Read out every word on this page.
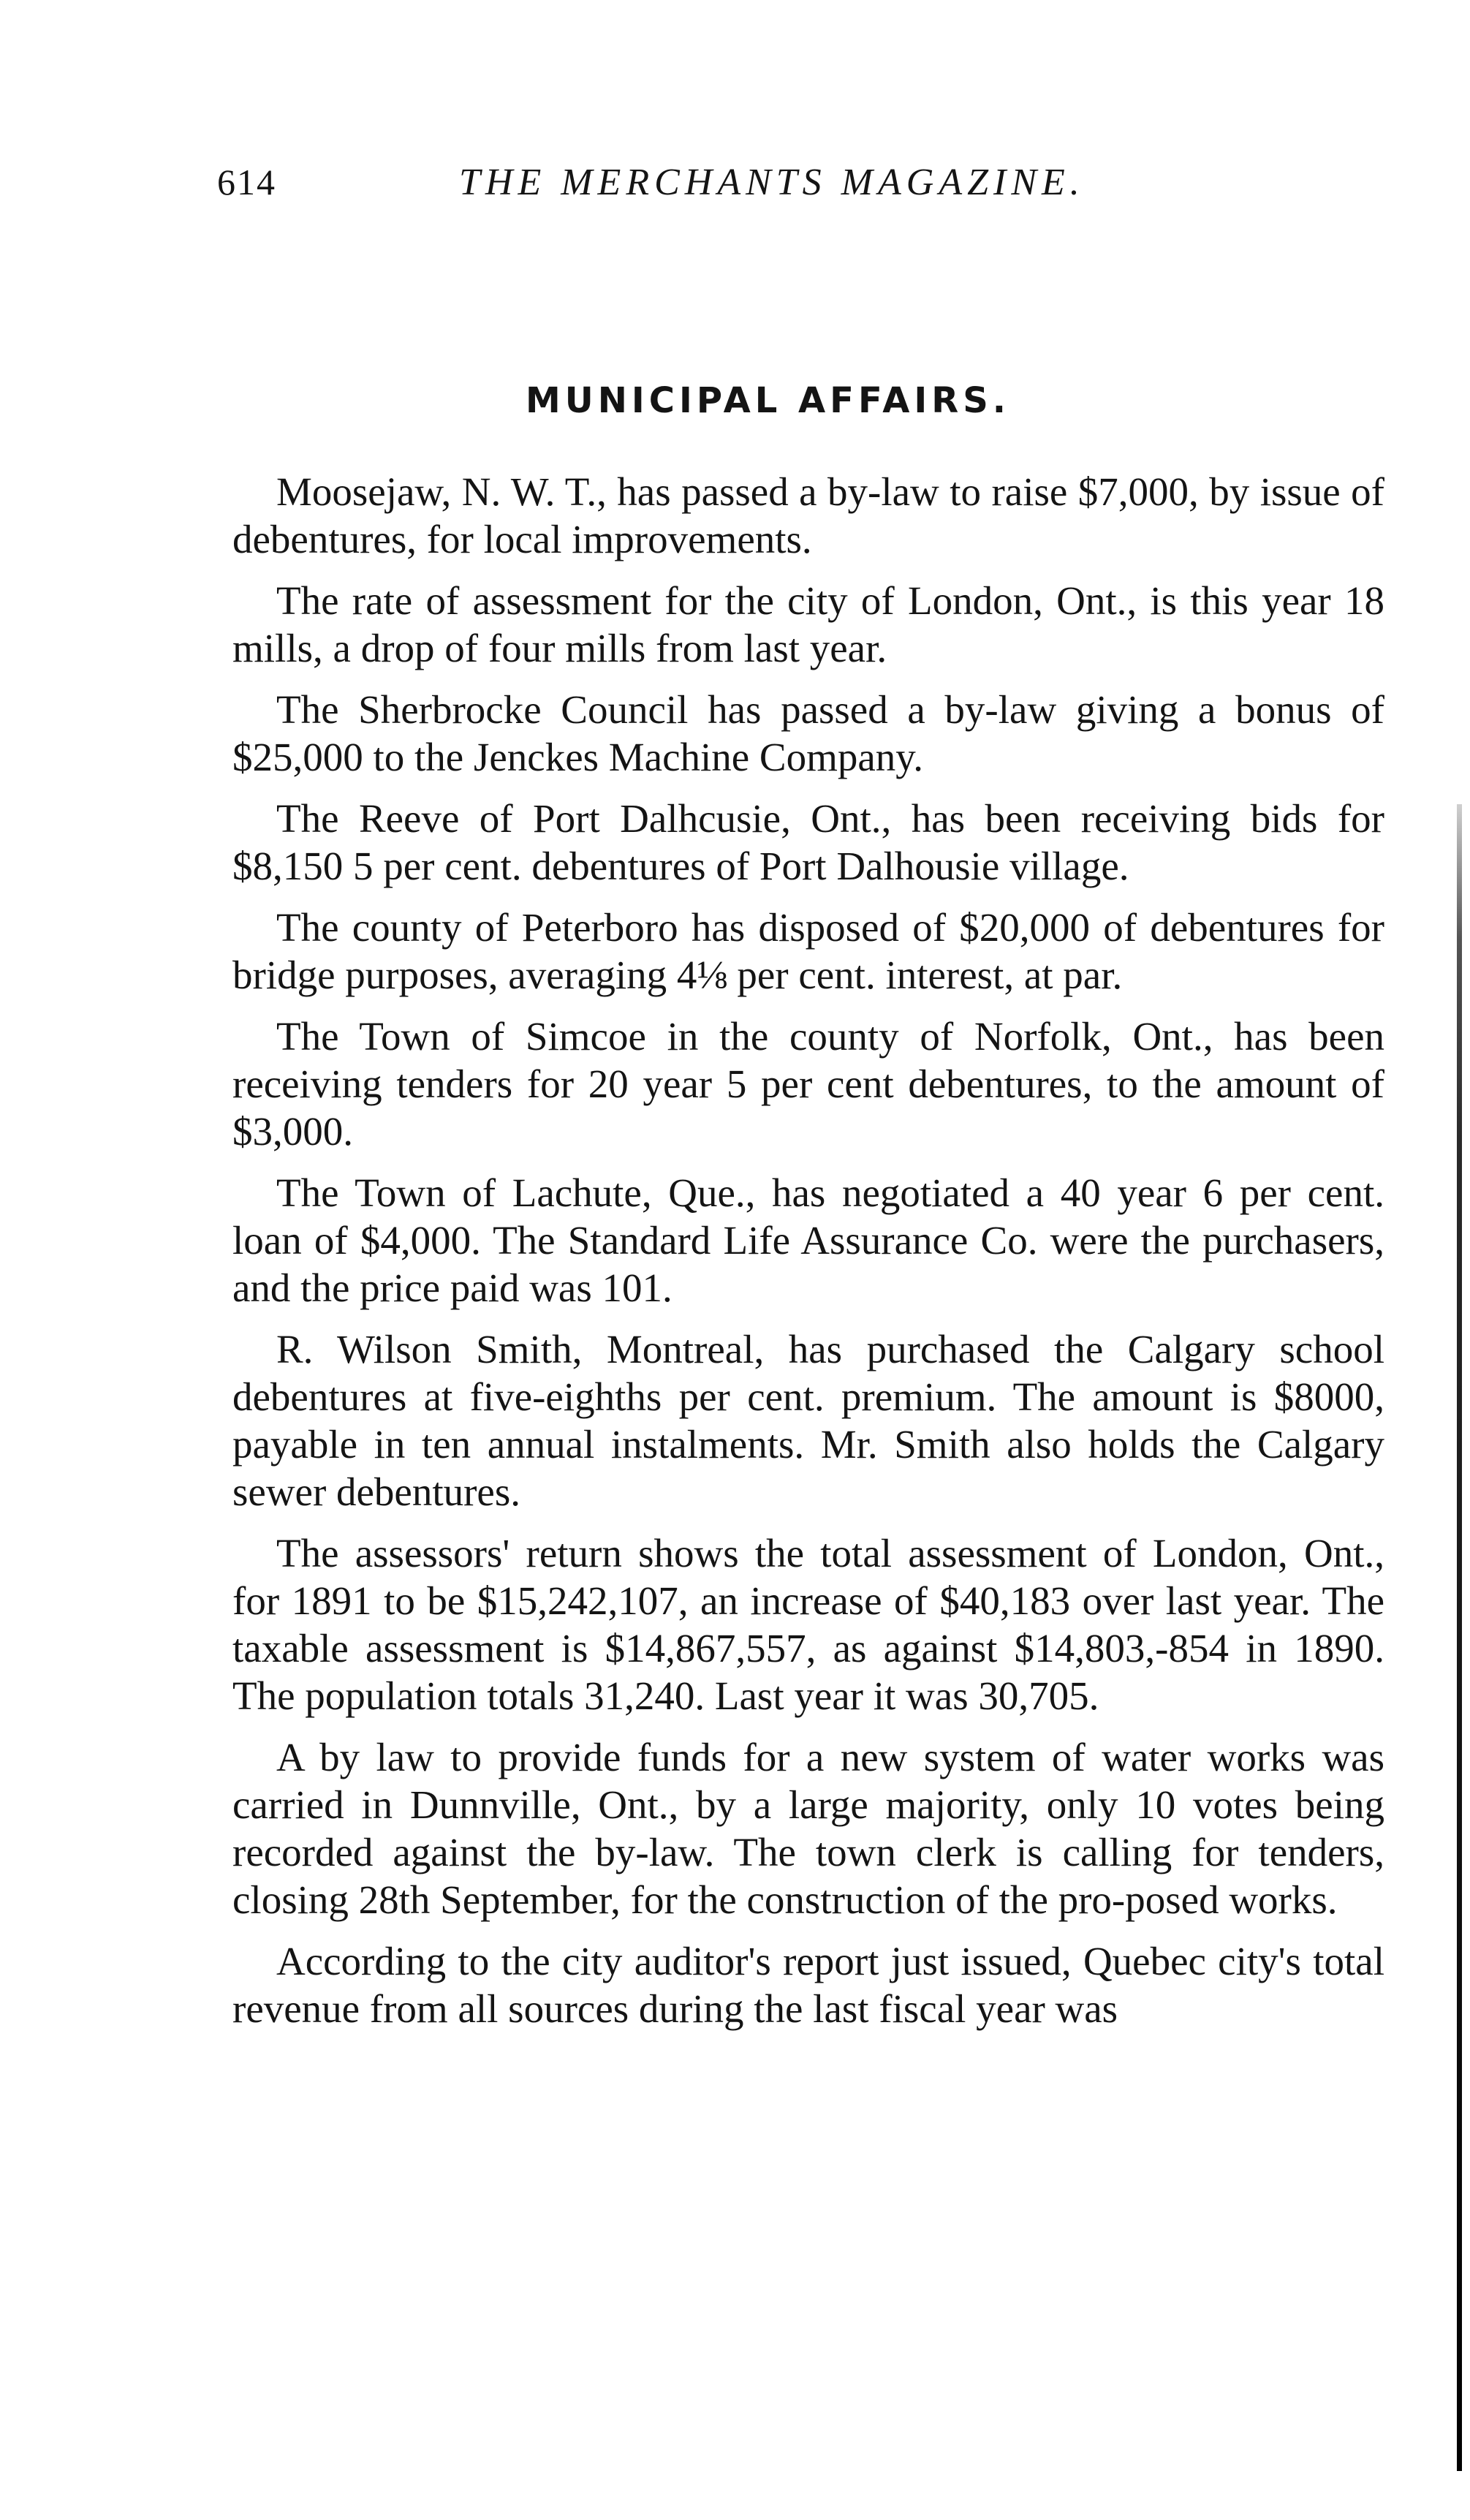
614	THE MERCHANTS MAGAZINE.
MUNICIPAL AFFAIRS.

Moosejaw, N. W. T., has passed a by-law to raise $7,000, by issue of debentures, for local improvements.

The rate of assessment for the city of London, Ont., is this year 18 mills, a drop of four mills from last year.

The Sherbrocke Council has passed a by-law giving a bonus of $25,000 to the Jenckes Machine Company.

The Reeve of Port Dalhcusie, Ont., has been receiving bids for $8,150 5 per cent. debentures of Port Dalhousie village.

The county of Peterboro has disposed of $20,000 of debentures for bridge purposes, averaging 4⅛ per cent. interest, at par.

The Town of Simcoe in the county of Norfolk, Ont., has been receiving tenders for 20 year 5 per cent debentures, to the amount of $3,000.

The Town of Lachute, Que., has negotiated a 40 year 6 per cent. loan of $4,000. The Standard Life Assurance Co. were the purchasers, and the price paid was 101.

R. Wilson Smith, Montreal, has purchased the Calgary school debentures at five-eighths per cent. premium. The amount is $8000, payable in ten annual instalments. Mr. Smith also holds the Calgary sewer debentures.

The assessors' return shows the total assessment of London, Ont., for 1891 to be $15,242,107, an increase of $40,183 over last year. The taxable assessment is $14,867,557, as against $14,803,-854 in 1890. The population totals 31,240. Last year it was 30,705.

A by law to provide funds for a new system of water works was carried in Dunnville, Ont., by a large majority, only 10 votes being recorded against the by-law. The town clerk is calling for tenders, closing 28th September, for the construction of the pro-posed works.

According to the city auditor's report just issued, Quebec city's total revenue from all sources during the last fiscal year was
